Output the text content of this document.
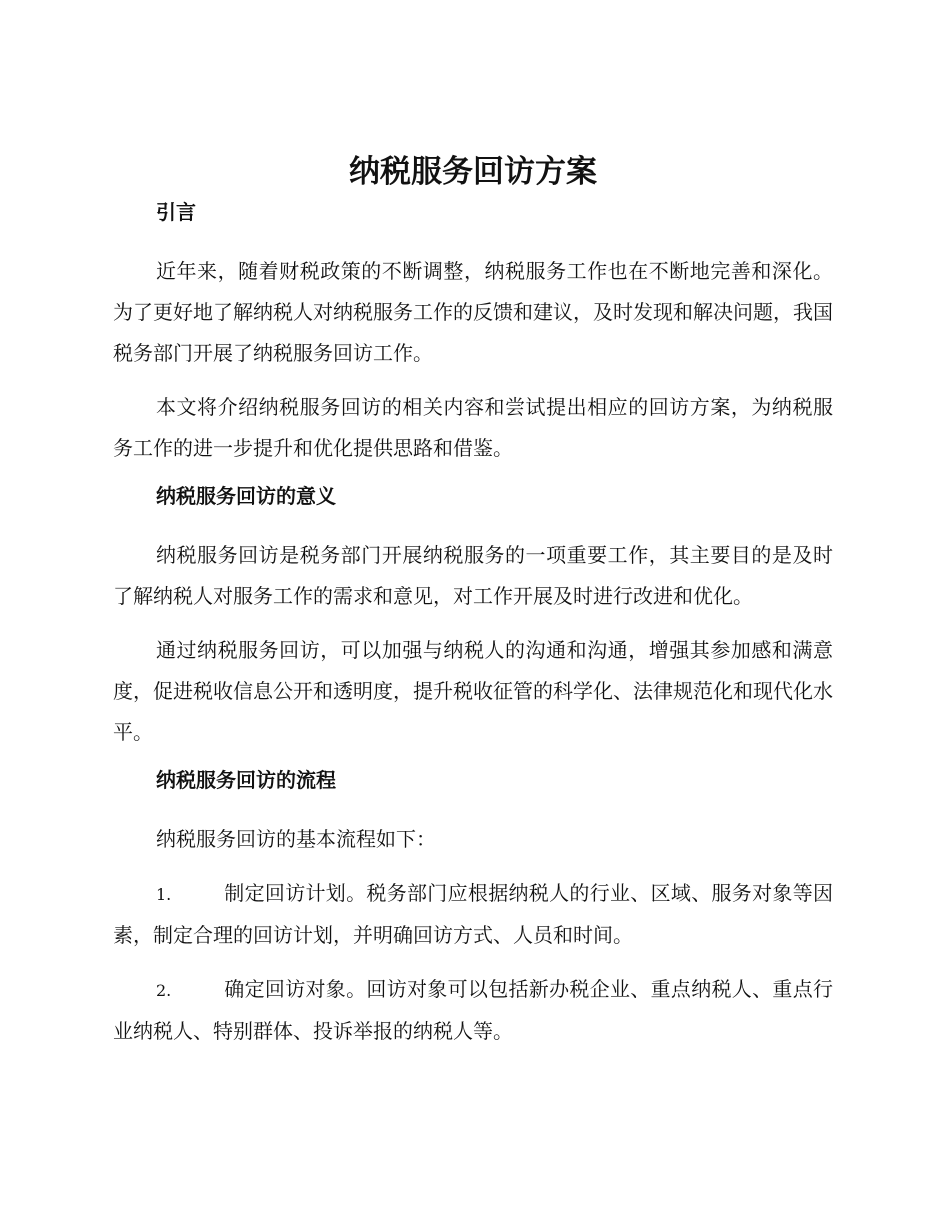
纳税服务回访方案
引言

近年来，随着财税政策的不断调整，纳税服务工作也在不断地完善和深化。为了更好地了解纳税人对纳税服务工作的反馈和建议，及时发现和解决问题，我国税务部门开展了纳税服务回访工作。

本文将介绍纳税服务回访的相关内容和尝试提出相应的回访方案，为纳税服务工作的进一步提升和优化提供思路和借鉴。

纳税服务回访的意义

纳税服务回访是税务部门开展纳税服务的一项重要工作，其主要目的是及时了解纳税人对服务工作的需求和意见，对工作开展及时进行改进和优化。

通过纳税服务回访，可以加强与纳税人的沟通和沟通，增强其参加感和满意度，促进税收信息公开和透明度，提升税收征管的科学化、法律规范化和现代化水平。

纳税服务回访的流程

纳税服务回访的基本流程如下：

1.	制定回访计划。税务部门应根据纳税人的行业、区域、服务对象等因素，制定合理的回访计划，并明确回访方式、人员和时间。

2.	确定回访对象。回访对象可以包括新办税企业、重点纳税人、重点行业纳税人、特别群体、投诉举报的纳税人等。
